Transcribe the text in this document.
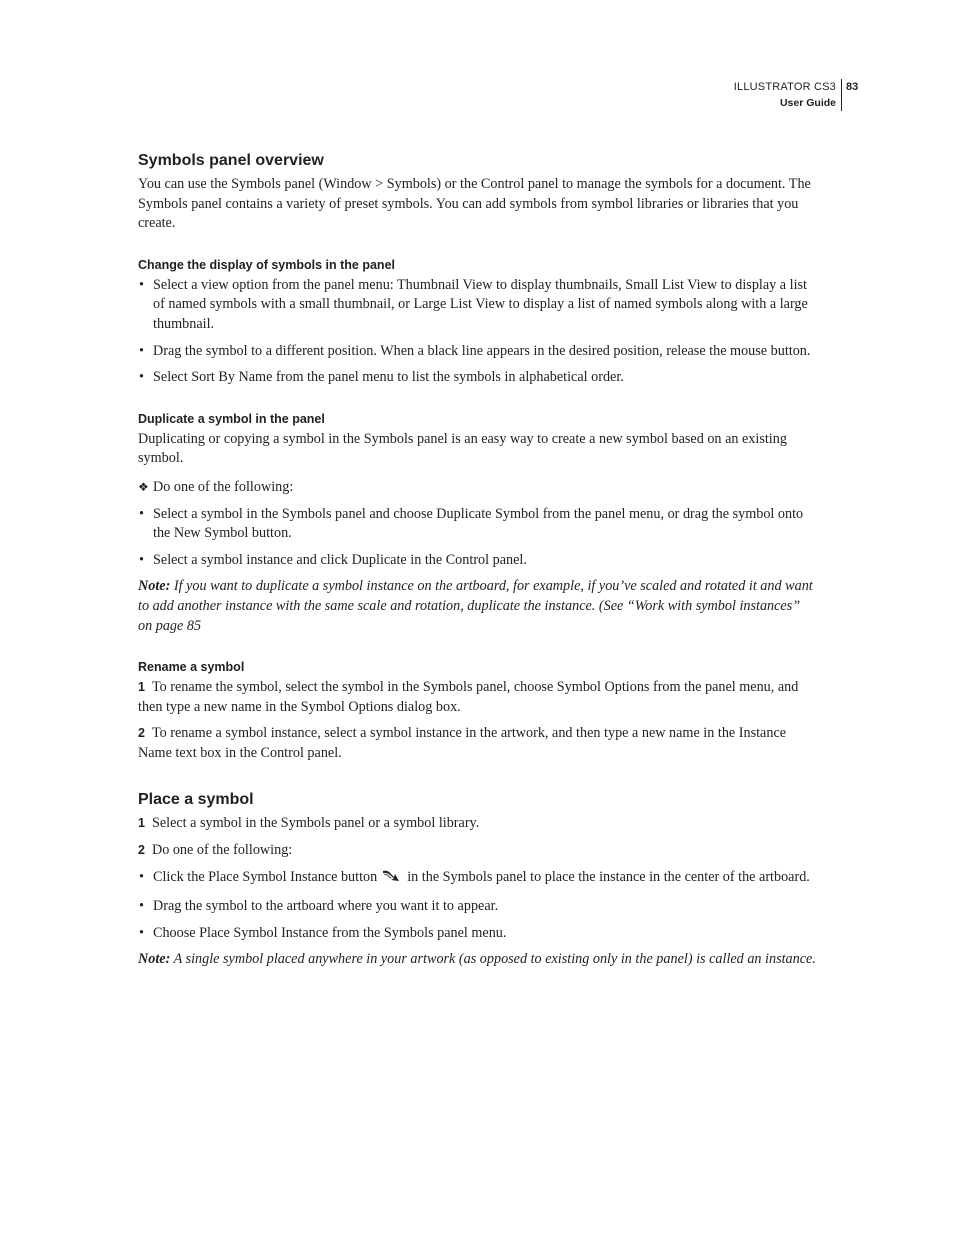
ILLUSTRATOR CS3
User Guide
83
Symbols panel overview

You can use the Symbols panel (Window > Symbols) or the Control panel to manage the symbols for a document. The Symbols panel contains a variety of preset symbols. You can add symbols from symbol libraries or libraries that you create.

Change the display of symbols in the panel
• Select a view option from the panel menu: Thumbnail View to display thumbnails, Small List View to display a list of named symbols with a small thumbnail, or Large List View to display a list of named symbols along with a large thumbnail.
• Drag the symbol to a different position. When a black line appears in the desired position, release the mouse button.
• Select Sort By Name from the panel menu to list the symbols in alphabetical order.
Duplicate a symbol in the panel

Duplicating or copying a symbol in the Symbols panel is an easy way to create a new symbol based on an existing symbol.

❖ Do one of the following:
• Select a symbol in the Symbols panel and choose Duplicate Symbol from the panel menu, or drag the symbol onto the New Symbol button.
• Select a symbol instance and click Duplicate in the Control panel.

Note: If you want to duplicate a symbol instance on the artboard, for example, if you’ve scaled and rotated it and want to add another instance with the same scale and rotation, duplicate the instance. (See “Work with symbol instances” on page 85

Rename a symbol

1 To rename the symbol, select the symbol in the Symbols panel, choose Symbol Options from the panel menu, and then type a new name in the Symbol Options dialog box.

2 To rename a symbol instance, select a symbol instance in the artwork, and then type a new name in the Instance Name text box in the Control panel.

Place a symbol

1 Select a symbol in the Symbols panel or a symbol library.

2 Do one of the following:

• Click the Place Symbol Instance button in the Symbols panel to place the instance in the center of the artboard.
• Drag the symbol to the artboard where you want it to appear.
• Choose Place Symbol Instance from the Symbols panel menu.

Note: A single symbol placed anywhere in your artwork (as opposed to existing only in the panel) is called an instance.
